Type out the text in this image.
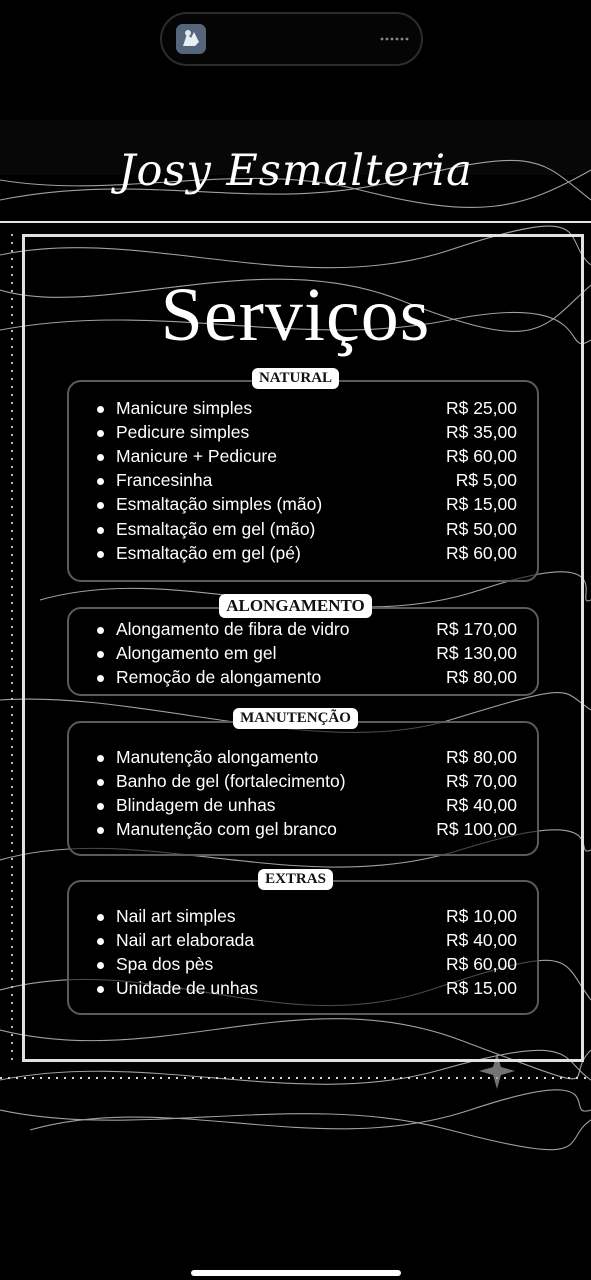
Josy Esmalteria
Serviços
NATURAL
Manicure simples	R$ 25,00
Pedicure simples	R$ 35,00
Manicure + Pedicure	R$ 60,00
Francesinha	R$ 5,00
Esmaltação simples (mão)	R$ 15,00
Esmaltação em gel (mão)	R$ 50,00
Esmaltação em gel (pé)	R$ 60,00
ALONGAMENTO
Alongamento de fibra de vidro	R$ 170,00
Alongamento em gel	R$ 130,00
Remoção de alongamento	R$ 80,00
MANUTENÇÃO
Manutenção alongamento	R$ 80,00
Banho de gel (fortalecimento)	R$ 70,00
Blindagem de unhas	R$ 40,00
Manutenção com gel branco	R$ 100,00
EXTRAS
Nail art simples	R$ 10,00
Nail art elaborada	R$ 40,00
Spa dos pès	R$ 60,00
Unidade de unhas	R$ 15,00
